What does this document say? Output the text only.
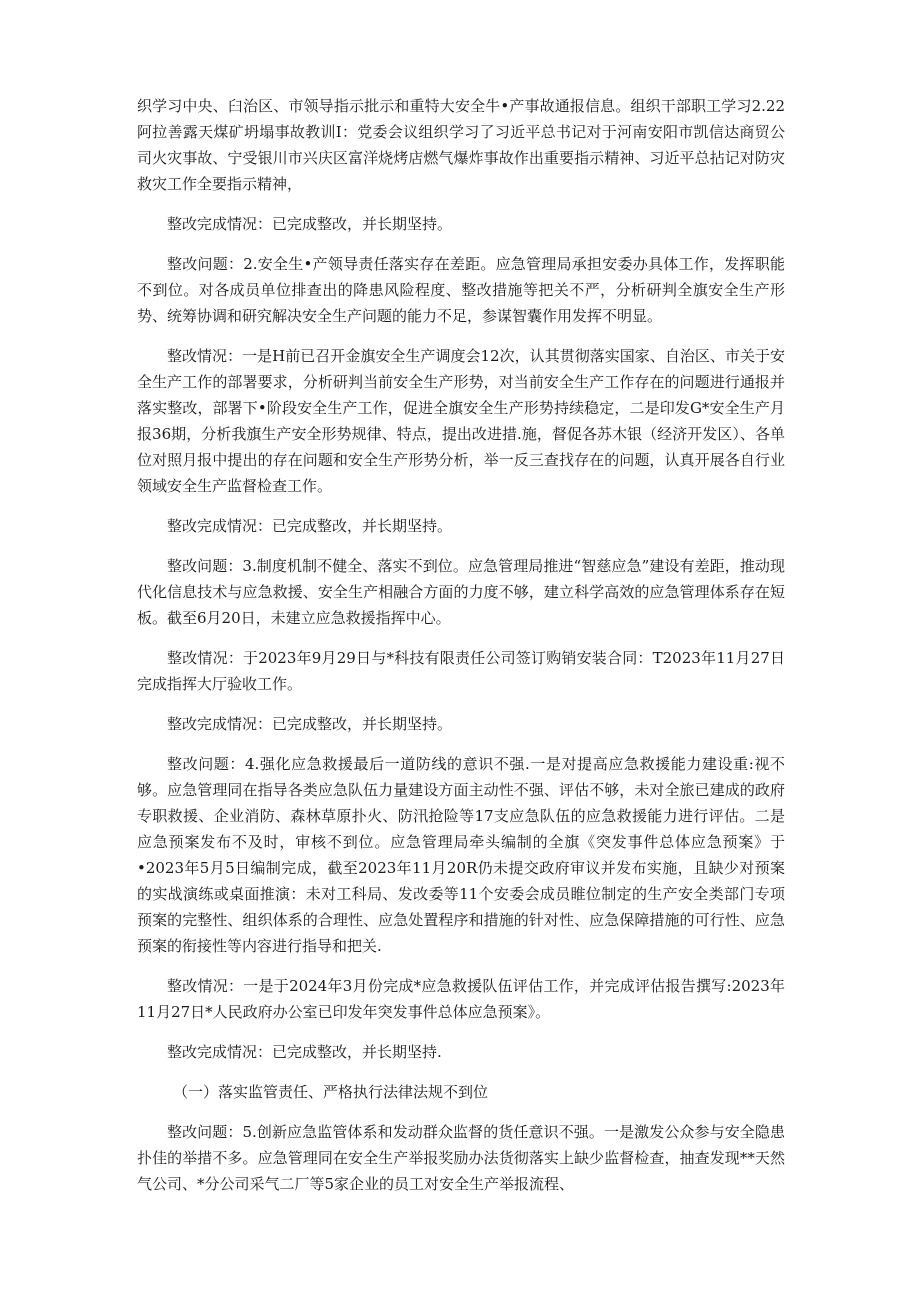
织学习中央、臼治区、市领导指示批示和重特大安全牛•产事故通报信息。组织干部职工学习2.22阿拉善露天煤矿坍塌事故教训I：党委会议组织学习了习近平总书记对于河南安阳市凯信达商贸公司火灾事故、宁受银川市兴庆区富洋烧烤店燃气爆炸事故作出重要指示精神、习近平总拈记对防灾救灾工作全要指示精神，

整改完成情况：已完成整改，并长期坚持。

整改问题：2.安全生•产领导责任落实存在差距。应急管理局承担安委办具体工作，发挥职能不到位。对各成员单位排查出的降患风险程度、整改措施等把关不严，分析研判全旗安全生产形势、统筹协调和研究解决安全生产问题的能力不足，参谋智囊作用发挥不明显。

整改情况：一是H前已召开金旗安全生产调度会12次，认其贯彻落实国家、自治区、市关于安全生产工作的部署要求，分析研判当前安全生产形势，对当前安全生产工作存在的问题进行通报并落实整改，部署下•阶段安全生产工作，促进全旗安全生产形势持续稳定，二是印发G*安全生产月报36期，分析我旗生产安全形势规律、特点，提出改进措.施，督促各苏木银（经济开发区）、各单位对照月报中提出的存在问题和安全生产形势分析，举一反三查找存在的问题，认真开展各自行业领域安全生产监督检查工作。

整改完成情况：已完成整改，并长期坚持。

整改问题：3.制度机制不健全、落实不到位。应急管理局推进“智慈应急”建设有差距，推动现代化信息技术与应急救援、安全生产相融合方面的力度不够，建立科学高效的应急管理体系存在短板。截至6月20日，未建立应急救援指挥中心。

整改情况：于2023年9月29日与*科技有限责任公司签订购销安装合同：T2023年11月27日完成指挥大厅验收工作。

整改完成情况：已完成整改，并长期坚持。

整改问题：4.强化应急救援最后一道防线的意识不强.一是对提高应急救援能力建设重:视不够。应急管理同在指导各类应急队伍力量建设方面主动性不强、评估不够，未对全旅已建成的政府专职救援、企业消防、森林草原扑火、防汛抢险等17支应急队伍的应急救援能力进行评估。二是应急预案发布不及时，审核不到位。应急管理局牵头编制的全旗《突发事件总体应急预案》于•2023年5月5日编制完成，截至2023年11月20R仍未提交政府审议并发布实施，且缺少对预案的实战演练或桌面推演：未对工科局、发改委等11个安委会成员睢位制定的生产安全类部门专项预案的完整性、组织体系的合理性、应急处置程序和措施的针对性、应急保障措施的可行性、应急预案的衔接性等内容进行指导和把关.

整改情况：一是于2024年3月份完成*应急救援队伍评估工作，并完成评估报告撰写:2023年11月27日*人民政府办公室已印发年突发事件总体应急预案》。

整改完成情况：已完成整改，并长期坚持.

（一）落实监管责任、严格执行法律法规不到位

整改问题：5.创新应急监管体系和发动群众监督的货任意识不强。一是激发公众参与安全隐患扑佳的举措不多。应急管理同在安全生产举报奖励办法货彻落实上缺少监督检查，抽查发现**天然气公司、*分公司采气二厂等5家企业的员工对安全生产举报流程、
